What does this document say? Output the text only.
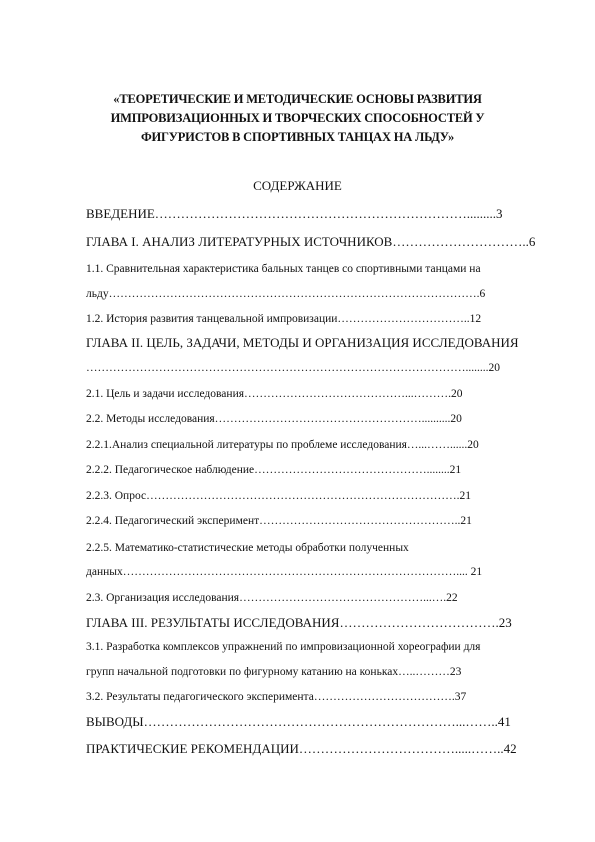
«ТЕОРЕТИЧЕСКИЕ И МЕТОДИЧЕСКИЕ ОСНОВЫ РАЗВИТИЯ
ИМПРОВИЗАЦИОННЫХ И ТВОРЧЕСКИХ СПОСОБНОСТЕЙ У
ФИГУРИСТОВ В СПОРТИВНЫХ ТАНЦАХ НА ЛЬДУ»
СОДЕРЖАНИЕ
ВВЕДЕНИЕ……………………………………………………………….........3
ГЛАВА I. АНАЛИЗ ЛИТЕРАТУРНЫХ ИСТОЧНИКОВ…………………………..6
1.1. Сравнительная характеристика бальных танцев со спортивными танцами на
льду…………………………………………………………………………………….6
1.2. История развития танцевальной импровизации……………………………..12
ГЛАВА II. ЦЕЛЬ, ЗАДАЧИ, МЕТОДЫ И ОРГАНИЗАЦИЯ ИССЛЕДОВАНИЯ
………………………………………………………………………………………........20
2.1. Цель и задачи исследования……………………………………...……….20
2.2. Методы исследования………………………………………………..........20
2.2.1.Анализ специальной литературы по проблеме исследования…...……......20
2.2.2. Педагогическое наблюдение………………………………………........21
2.2.3. Опрос……………………………………………………………………….21
2.2.4. Педагогический эксперимент……………………………………………..21
2.2.5. Математико-статистические методы обработки полученных
данных…………………………………………………………………………….... 21
2.3. Организация исследования…………………………………………...….22
ГЛАВА III. РЕЗУЛЬТАТЫ ИССЛЕДОВАНИЯ……………………………….23
3.1. Разработка комплексов упражнений по импровизационной хореографии для
групп начальной подготовки по фигурному катанию на коньках…..………23
3.2. Результаты педагогического эксперимента……………………………….37
ВЫВОДЫ………………………………………………………………...……..41
ПРАКТИЧЕСКИЕ РЕКОМЕНДАЦИИ……………………………….....……..42
